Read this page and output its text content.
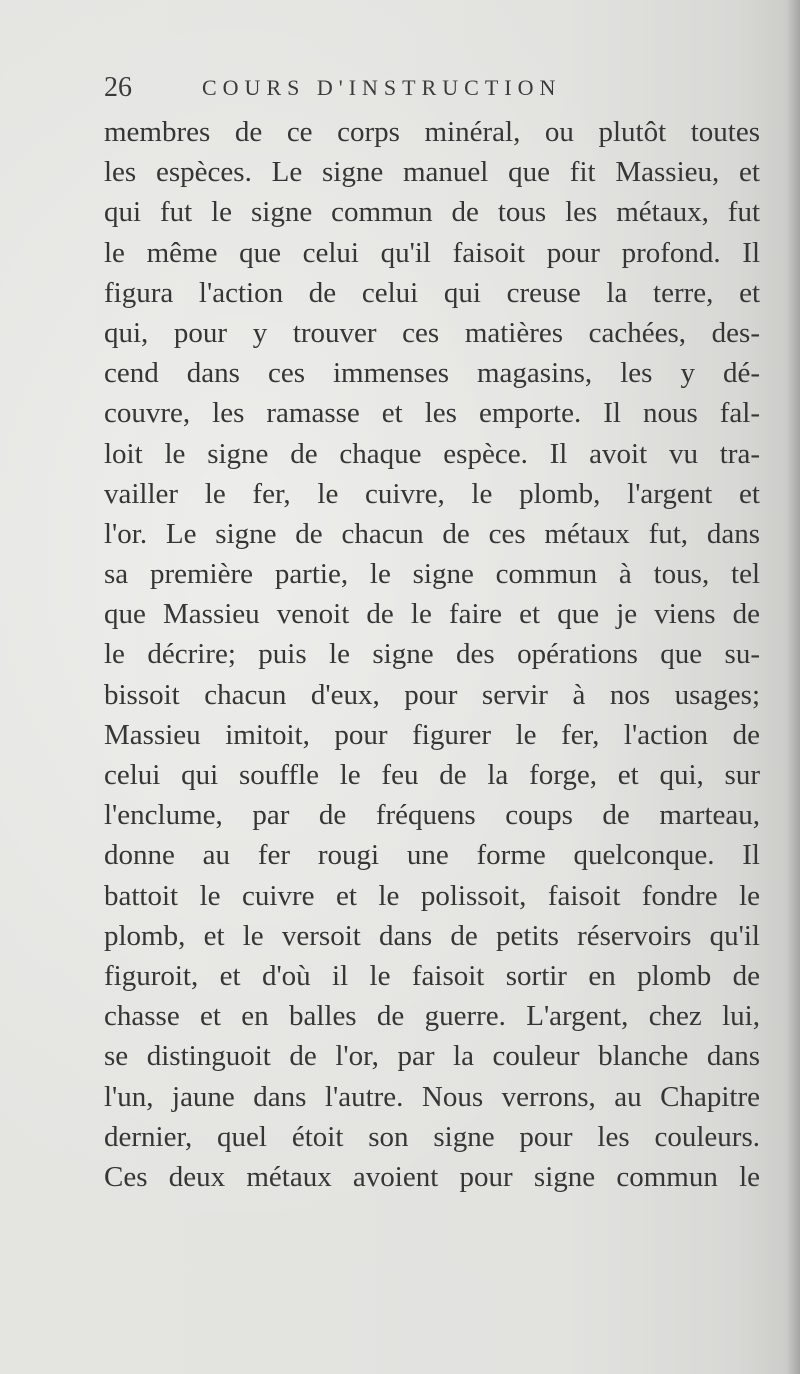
26	COURS D'INSTRUCTION
membres de ce corps minéral, ou plutôt toutes
les espèces. Le signe manuel que fit Massieu, et
qui fut le signe commun de tous les métaux, fut
le même que celui qu'il faisoit pour profond. Il
figura l'action de celui qui creuse la terre, et
qui, pour y trouver ces matières cachées, des-
cend dans ces immenses magasins, les y dé-
couvre, les ramasse et les emporte. Il nous fal-
loit le signe de chaque espèce. Il avoit vu tra-
vailler le fer, le cuivre, le plomb, l'argent et
l'or. Le signe de chacun de ces métaux fut, dans
sa première partie, le signe commun à tous, tel
que Massieu venoit de le faire et que je viens de
le décrire; puis le signe des opérations que su-
bissoit chacun d'eux, pour servir à nos usages;
Massieu imitoit, pour figurer le fer, l'action de
celui qui souffle le feu de la forge, et qui, sur
l'enclume, par de fréquens coups de marteau,
donne au fer rougi une forme quelconque. Il
battoit le cuivre et le polissoit, faisoit fondre le
plomb, et le versoit dans de petits réservoirs qu'il
figuroit, et d'où il le faisoit sortir en plomb de
chasse et en balles de guerre. L'argent, chez lui,
se distinguoit de l'or, par la couleur blanche dans
l'un, jaune dans l'autre. Nous verrons, au Chapitre
dernier, quel étoit son signe pour les couleurs.
Ces deux métaux avoient pour signe commun le
